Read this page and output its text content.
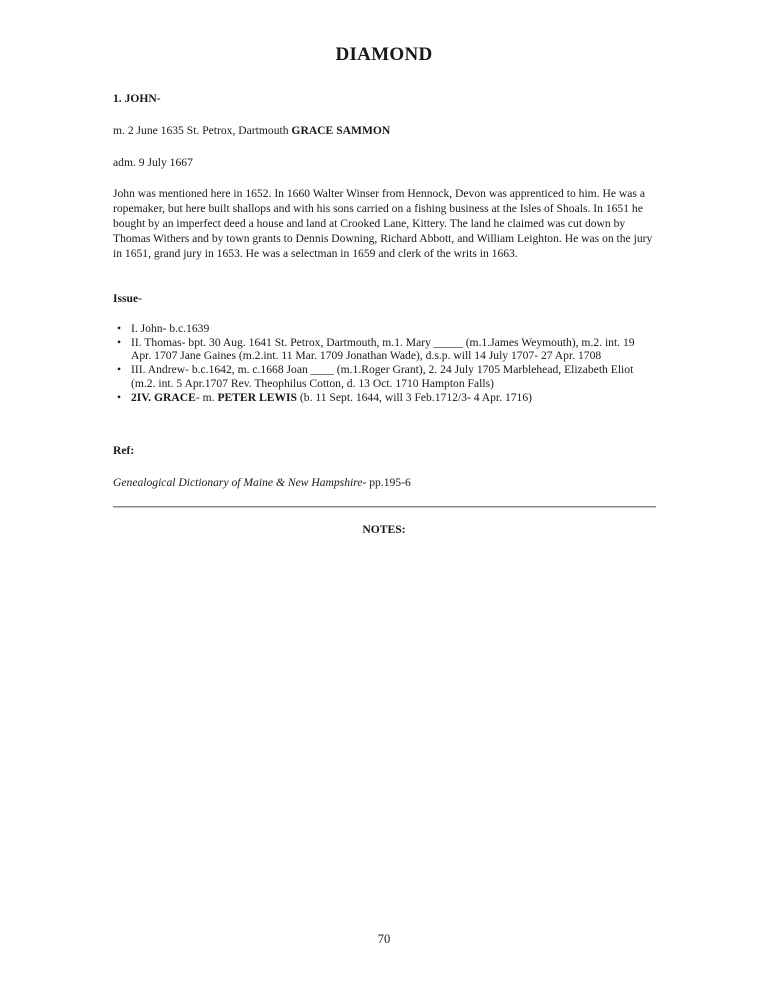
DIAMOND
1. JOHN-
m. 2 June 1635 St. Petrox, Dartmouth GRACE SAMMON
adm. 9 July 1667
John was mentioned here in 1652. In 1660 Walter Winser from Hennock, Devon was apprenticed to him. He was a ropemaker, but here built shallops and with his sons carried on a fishing business at the Isles of Shoals. In 1651 he bought by an imperfect deed a house and land at Crooked Lane, Kittery. The land he claimed was cut down by Thomas Withers and by town grants to Dennis Downing, Richard Abbott, and William Leighton. He was on the jury in 1651, grand jury in 1653. He was a selectman in 1659 and clerk of the writs in 1663.
Issue-
• I. John- b.c.1639
• II. Thomas- bpt. 30 Aug. 1641 St. Petrox, Dartmouth, m.1. Mary _____ (m.1.James Weymouth), m.2. int. 19 Apr. 1707 Jane Gaines (m.2.int. 11 Mar. 1709 Jonathan Wade), d.s.p. will 14 July 1707- 27 Apr. 1708
• III. Andrew- b.c.1642, m. c.1668 Joan ____ (m.1.Roger Grant), 2. 24 July 1705 Marblehead, Elizabeth Eliot (m.2. int. 5 Apr.1707 Rev. Theophilus Cotton, d. 13 Oct. 1710 Hampton Falls)
• 2IV. GRACE- m. PETER LEWIS (b. 11 Sept. 1644, will 3 Feb.1712/3- 4 Apr. 1716)
Ref:
Genealogical Dictionary of Maine & New Hampshire- pp.195-6
NOTES:
70
